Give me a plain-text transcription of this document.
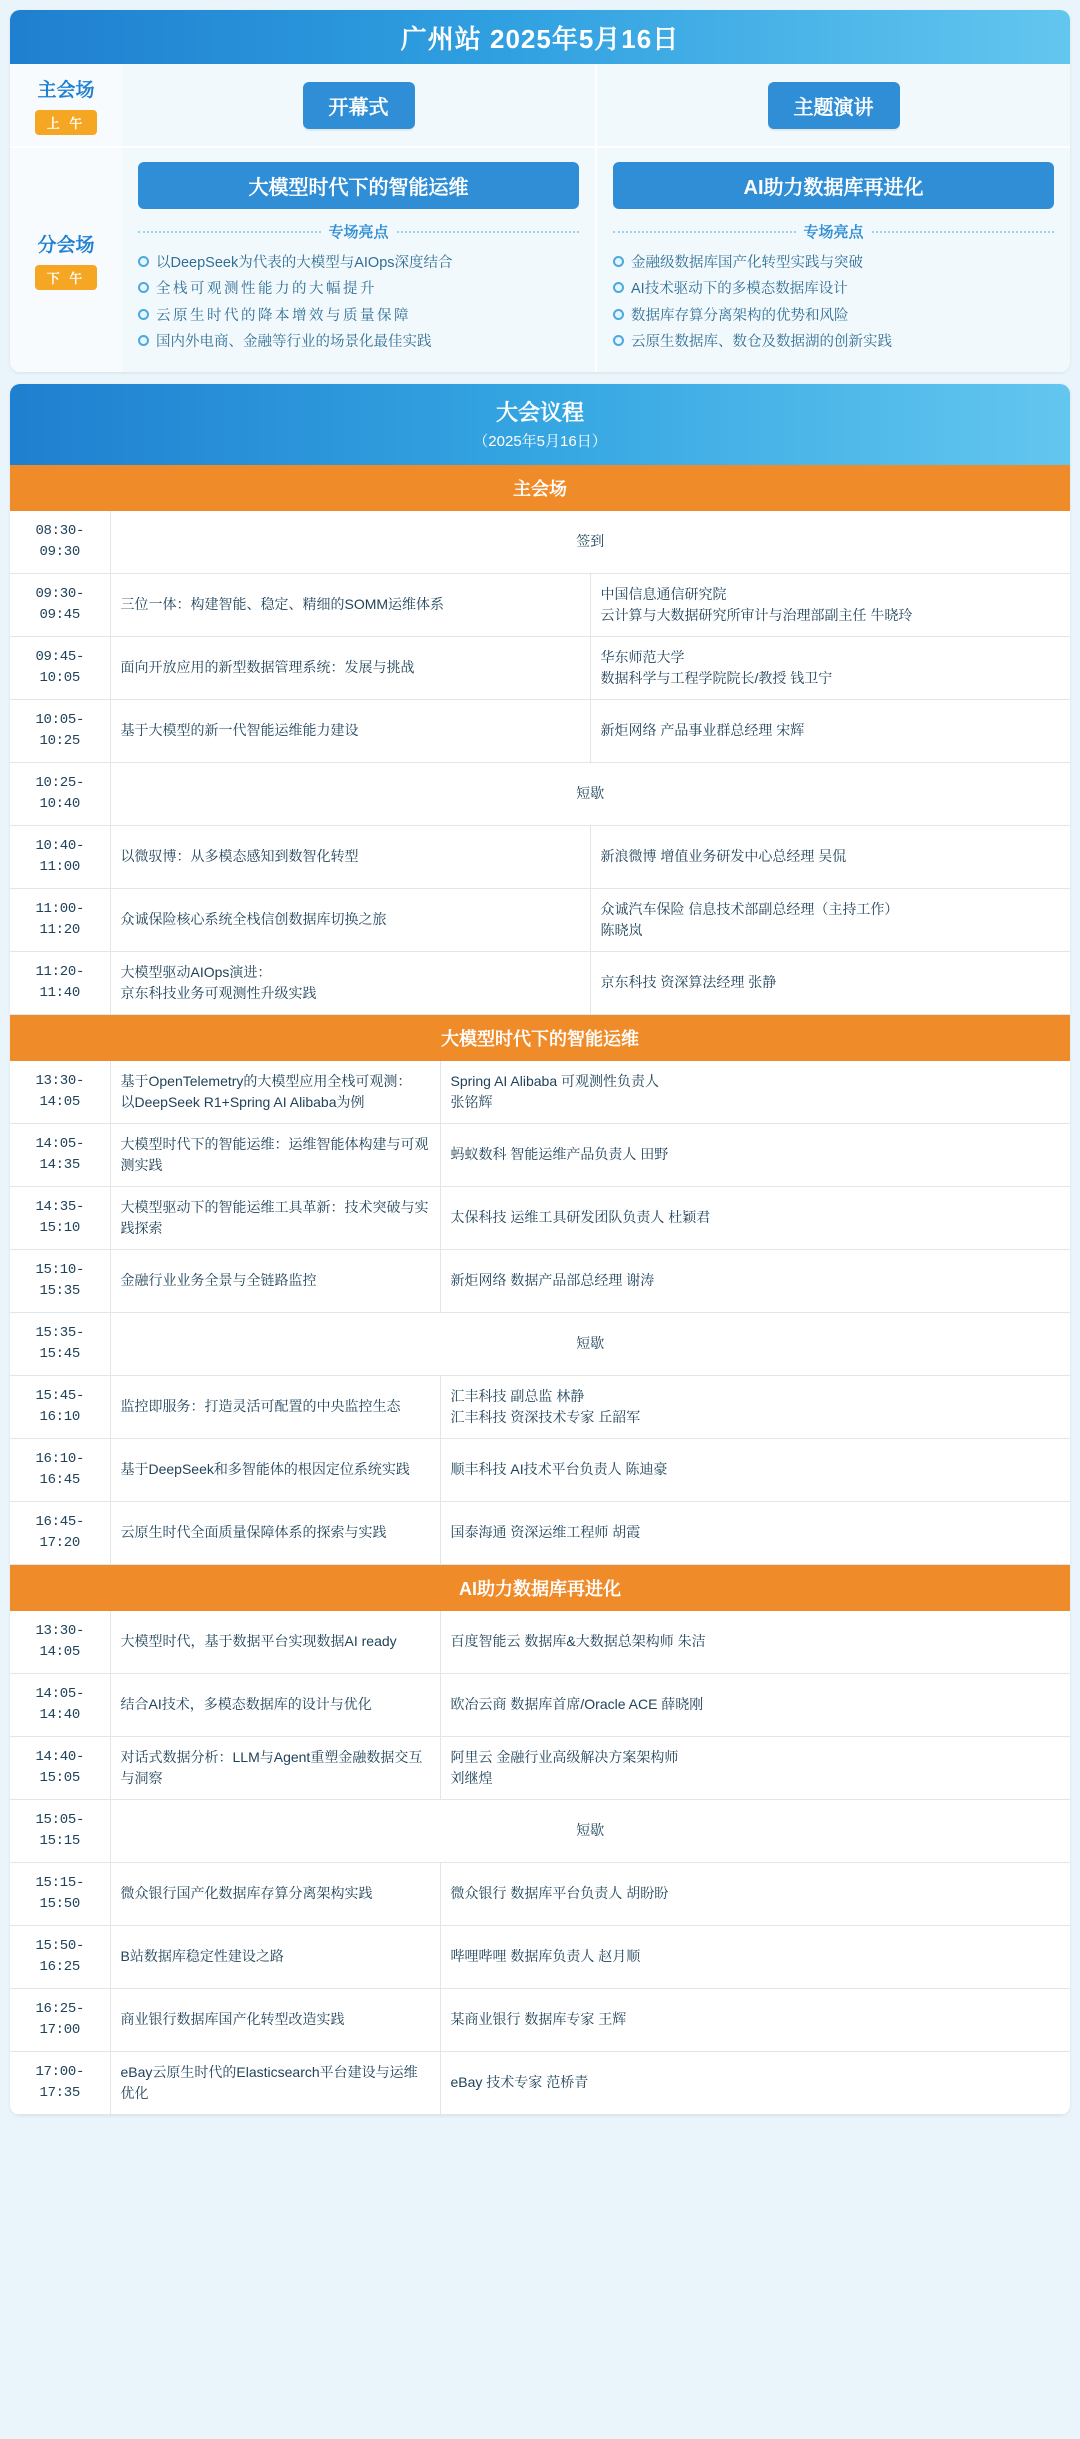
广州站 2025年5月16日
主会场
上 午
开幕式	主题演讲
分会场
下 午
大模型时代下的智能运维
专场亮点
以DeepSeek为代表的大模型与AIOps深度结合
全栈可观测性能力的大幅提升
云原生时代的降本增效与质量保障
国内外电商、金融等行业的场景化最佳实践
AI助力数据库再进化
专场亮点
金融级数据库国产化转型实践与突破
AI技术驱动下的多模态数据库设计
数据库存算分离架构的优势和风险
云原生数据库、数仓及数据湖的创新实践
大会议程
（2025年5月16日）
主会场
08:30-09:30	签到	
09:30-09:45	三位一体：构建智能、稳定、精细的SOMM运维体系	中国信息通信研究院
云计算与大数据研究所审计与治理部副主任 牛晓玲
09:45-10:05	面向开放应用的新型数据管理系统：发展与挑战	华东师范大学
数据科学与工程学院院长/教授 钱卫宁
10:05-10:25	基于大模型的新一代智能运维能力建设	新炬网络 产品事业群总经理 宋辉
10:25-10:40	短歇	
10:40-11:00	以微驭博：从多模态感知到数智化转型	新浪微博 增值业务研发中心总经理 吴侃
11:00-11:20	众诚保险核心系统全栈信创数据库切换之旅	众诚汽车保险 信息技术部副总经理（主持工作）
陈晓岚
11:20-11:40	大模型驱动AIOps演进：
京东科技业务可观测性升级实践	京东科技 资深算法经理 张静
大模型时代下的智能运维
13:30-14:05	基于OpenTelemetry的大模型应用全栈可观测：
以DeepSeek R1+Spring AI Alibaba为例	Spring AI Alibaba 可观测性负责人
张铭辉
14:05-14:35	大模型时代下的智能运维：运维智能体构建与可观测实践	蚂蚁数科 智能运维产品负责人 田野
14:35-15:10	大模型驱动下的智能运维工具革新：技术突破与实践探索	太保科技 运维工具研发团队负责人 杜颖君
15:10-15:35	金融行业业务全景与全链路监控	新炬网络 数据产品部总经理 谢涛
15:35-15:45	短歇	
15:45-16:10	监控即服务：打造灵活可配置的中央监控生态	汇丰科技 副总监 林静
汇丰科技 资深技术专家 丘韶军
16:10-16:45	基于DeepSeek和多智能体的根因定位系统实践	顺丰科技 AI技术平台负责人 陈迪豪
16:45-17:20	云原生时代全面质量保障体系的探索与实践	国泰海通 资深运维工程师 胡霞
AI助力数据库再进化
13:30-14:05	大模型时代，基于数据平台实现数据AI ready	百度智能云 数据库&大数据总架构师 朱洁
14:05-14:40	结合AI技术，多模态数据库的设计与优化	欧冶云商 数据库首席/Oracle ACE 薛晓刚
14:40-15:05	对话式数据分析：LLM与Agent重塑金融数据交互与洞察	阿里云 金融行业高级解决方案架构师
刘继煌
15:05-15:15	短歇	
15:15-15:50	微众银行国产化数据库存算分离架构实践	微众银行 数据库平台负责人 胡盼盼
15:50-16:25	B站数据库稳定性建设之路	哔哩哔哩 数据库负责人 赵月顺
16:25-17:00	商业银行数据库国产化转型改造实践	某商业银行 数据库专家 王辉
17:00-17:35	eBay云原生时代的Elasticsearch平台建设与运维优化	eBay 技术专家 范桥青
